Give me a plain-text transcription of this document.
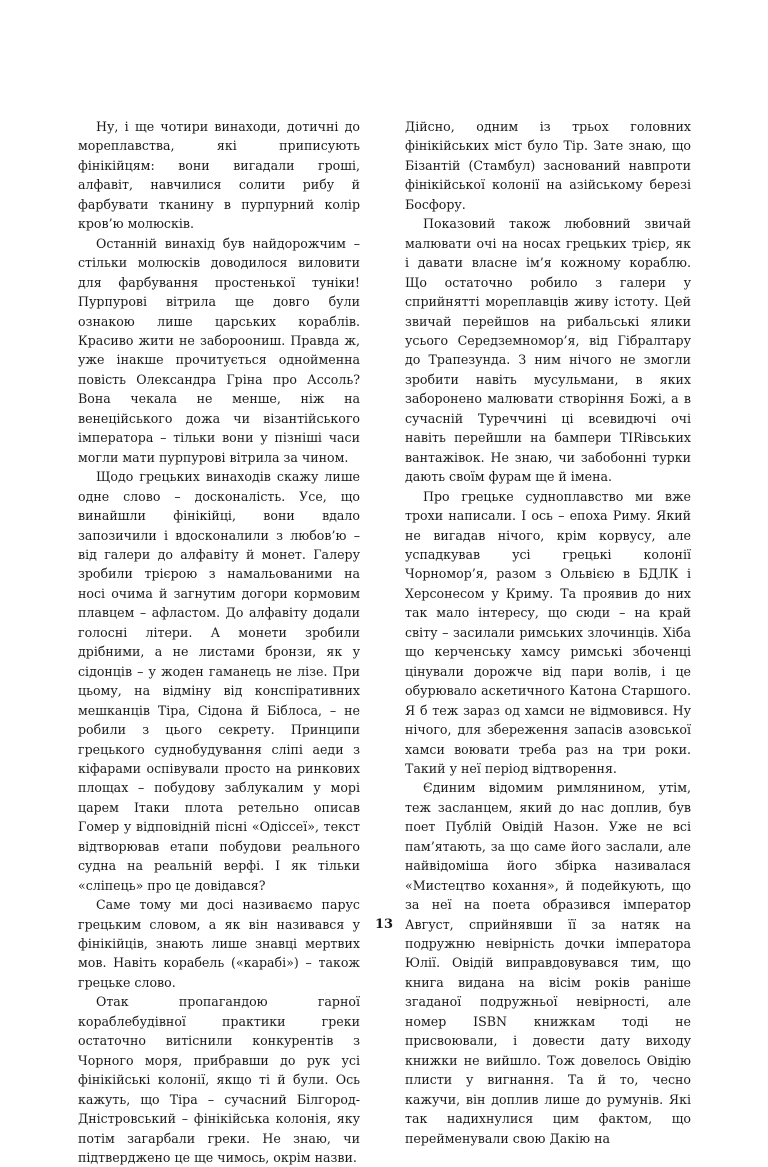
Ну, і ще чотири винаходи, дотичні до мореплавства, які приписують фінікійцям: вони вигадали гроші, алфавіт, навчилися солити рибу й фарбувати тканину в пурпурний колір кров’ю молюсків.

Останній винахід був найдорожчим – стільки молюсків доводилося виловити для фарбування простенької туніки! Пурпурові вітрила ще довго були ознакою лише царських кораблів. Красиво жити не забороониш. Правда ж, уже інакше прочитується однойменна повість Олександра Гріна про Ассоль? Вона чекала не менше, ніж на венеційського дожа чи візантійського імператора – тільки вони у пізніші часи могли мати пурпурові вітрила за чином.

Щодо грецьких винаходів скажу лише одне слово – досконалість. Усе, що винайшли фінікійці, вони вдало запозичили і вдосконалили з любов’ю – від галери до алфавіту й монет. Галеру зробили трієрою з намальованими на носі очима й загнутим догори кормовим плавцем – афластом. До алфавіту додали голосні літери. А монети зробили дрібними, а не листами бронзи, як у сідонців – у жоден гаманець не лізе. При цьому, на відміну від конспіративних мешканців Тіра, Сідона й Біблоса, – не робили з цього секрету. Принципи грецького суднобудування сліпі аеди з кіфарами оспівували просто на ринкових площах – побудову заблукалим у морі царем Ітаки плота ретельно описав Гомер у відповідній пісні «Одіссеї», текст відтворював етапи побудови реального судна на реальній верфі. І як тільки «сліпець» про це довідався?

Саме тому ми досі називаємо парус грецьким словом, а як він називався у фінікійців, знають лише знавці мертвих мов. Навіть корабель («карабі») – також грецьке слово.

Отак пропагандою гарної кораблебудівної практики греки остаточно витіснили конкурентів з Чорного моря, прибравши до рук усі фінікійські колонії, якщо ті й були. Ось кажуть, що Тіра – сучасний Білгород-Дністровський – фінікійська колонія, яку потім загарбали греки. Не знаю, чи підтверджено це ще чимось, окрім назви.

Дійсно, одним із трьох головних фінікійських міст було Тір. Зате знаю, що Бізантій (Стамбул) заснований навпроти фінікійської колонії на азійському березі Босфору.

Показовий також любовний звичай малювати очі на носах грецьких трієр, як і давати власне ім’я кожному кораблю. Що остаточно робило з галери у сприйнятті мореплавців живу істоту. Цей звичай перейшов на рибальські ялики усього Середземномор’я, від Гібралтару до Трапезунда. З ним нічого не змогли зробити навіть мусульмани, в яких заборонено малювати створіння Божі, а в сучасній Туреччині ці всевидючі очі навіть перейшли на бампери TIRівських вантажівок. Не знаю, чи забобонні турки дають своїм фурам ще й імена.

Про грецьке судноплавство ми вже трохи написали. І ось – епоха Риму. Який не вигадав нічого, крім корвусу, але успадкував усі грецькі колонії Чорномор’я, разом з Ольвією в БДЛК і Херсонесом у Криму. Та проявив до них так мало інтересу, що сюди – на край світу – засилали римських злочинців. Хіба що керченську хамсу римські збоченці цінували дорожче від пари волів, і це обурювало аскетичного Катона Старшого. Я б теж зараз од хамси не відмовився. Ну нічого, для збереження запасів азовської хамси воювати треба раз на три роки. Такий у неї період відтворення.

Єдиним відомим римлянином, утім, теж засланцем, який до нас доплив, був поет Публій Овідій Назон. Уже не всі пам’ятають, за що саме його заслали, але найвідоміша його збірка називалася «Мистецтво кохання», й подейкують, що за неї на поета образився імператор Август, сприйнявши її за натяк на подружню невірність дочки імператора Юлії. Овідій виправдовувався тим, що книга видана на вісім років раніше згаданої подружньої невірності, але номер ISBN книжкам тоді не присвоювали, і довести дату виходу книжки не вийшло. Тож довелось Овідію плисти у вигнання. Та й то, чесно кажучи, він доплив лише до румунів. Які так надихнулися цим фактом, що перейменували свою Дакію на

13
